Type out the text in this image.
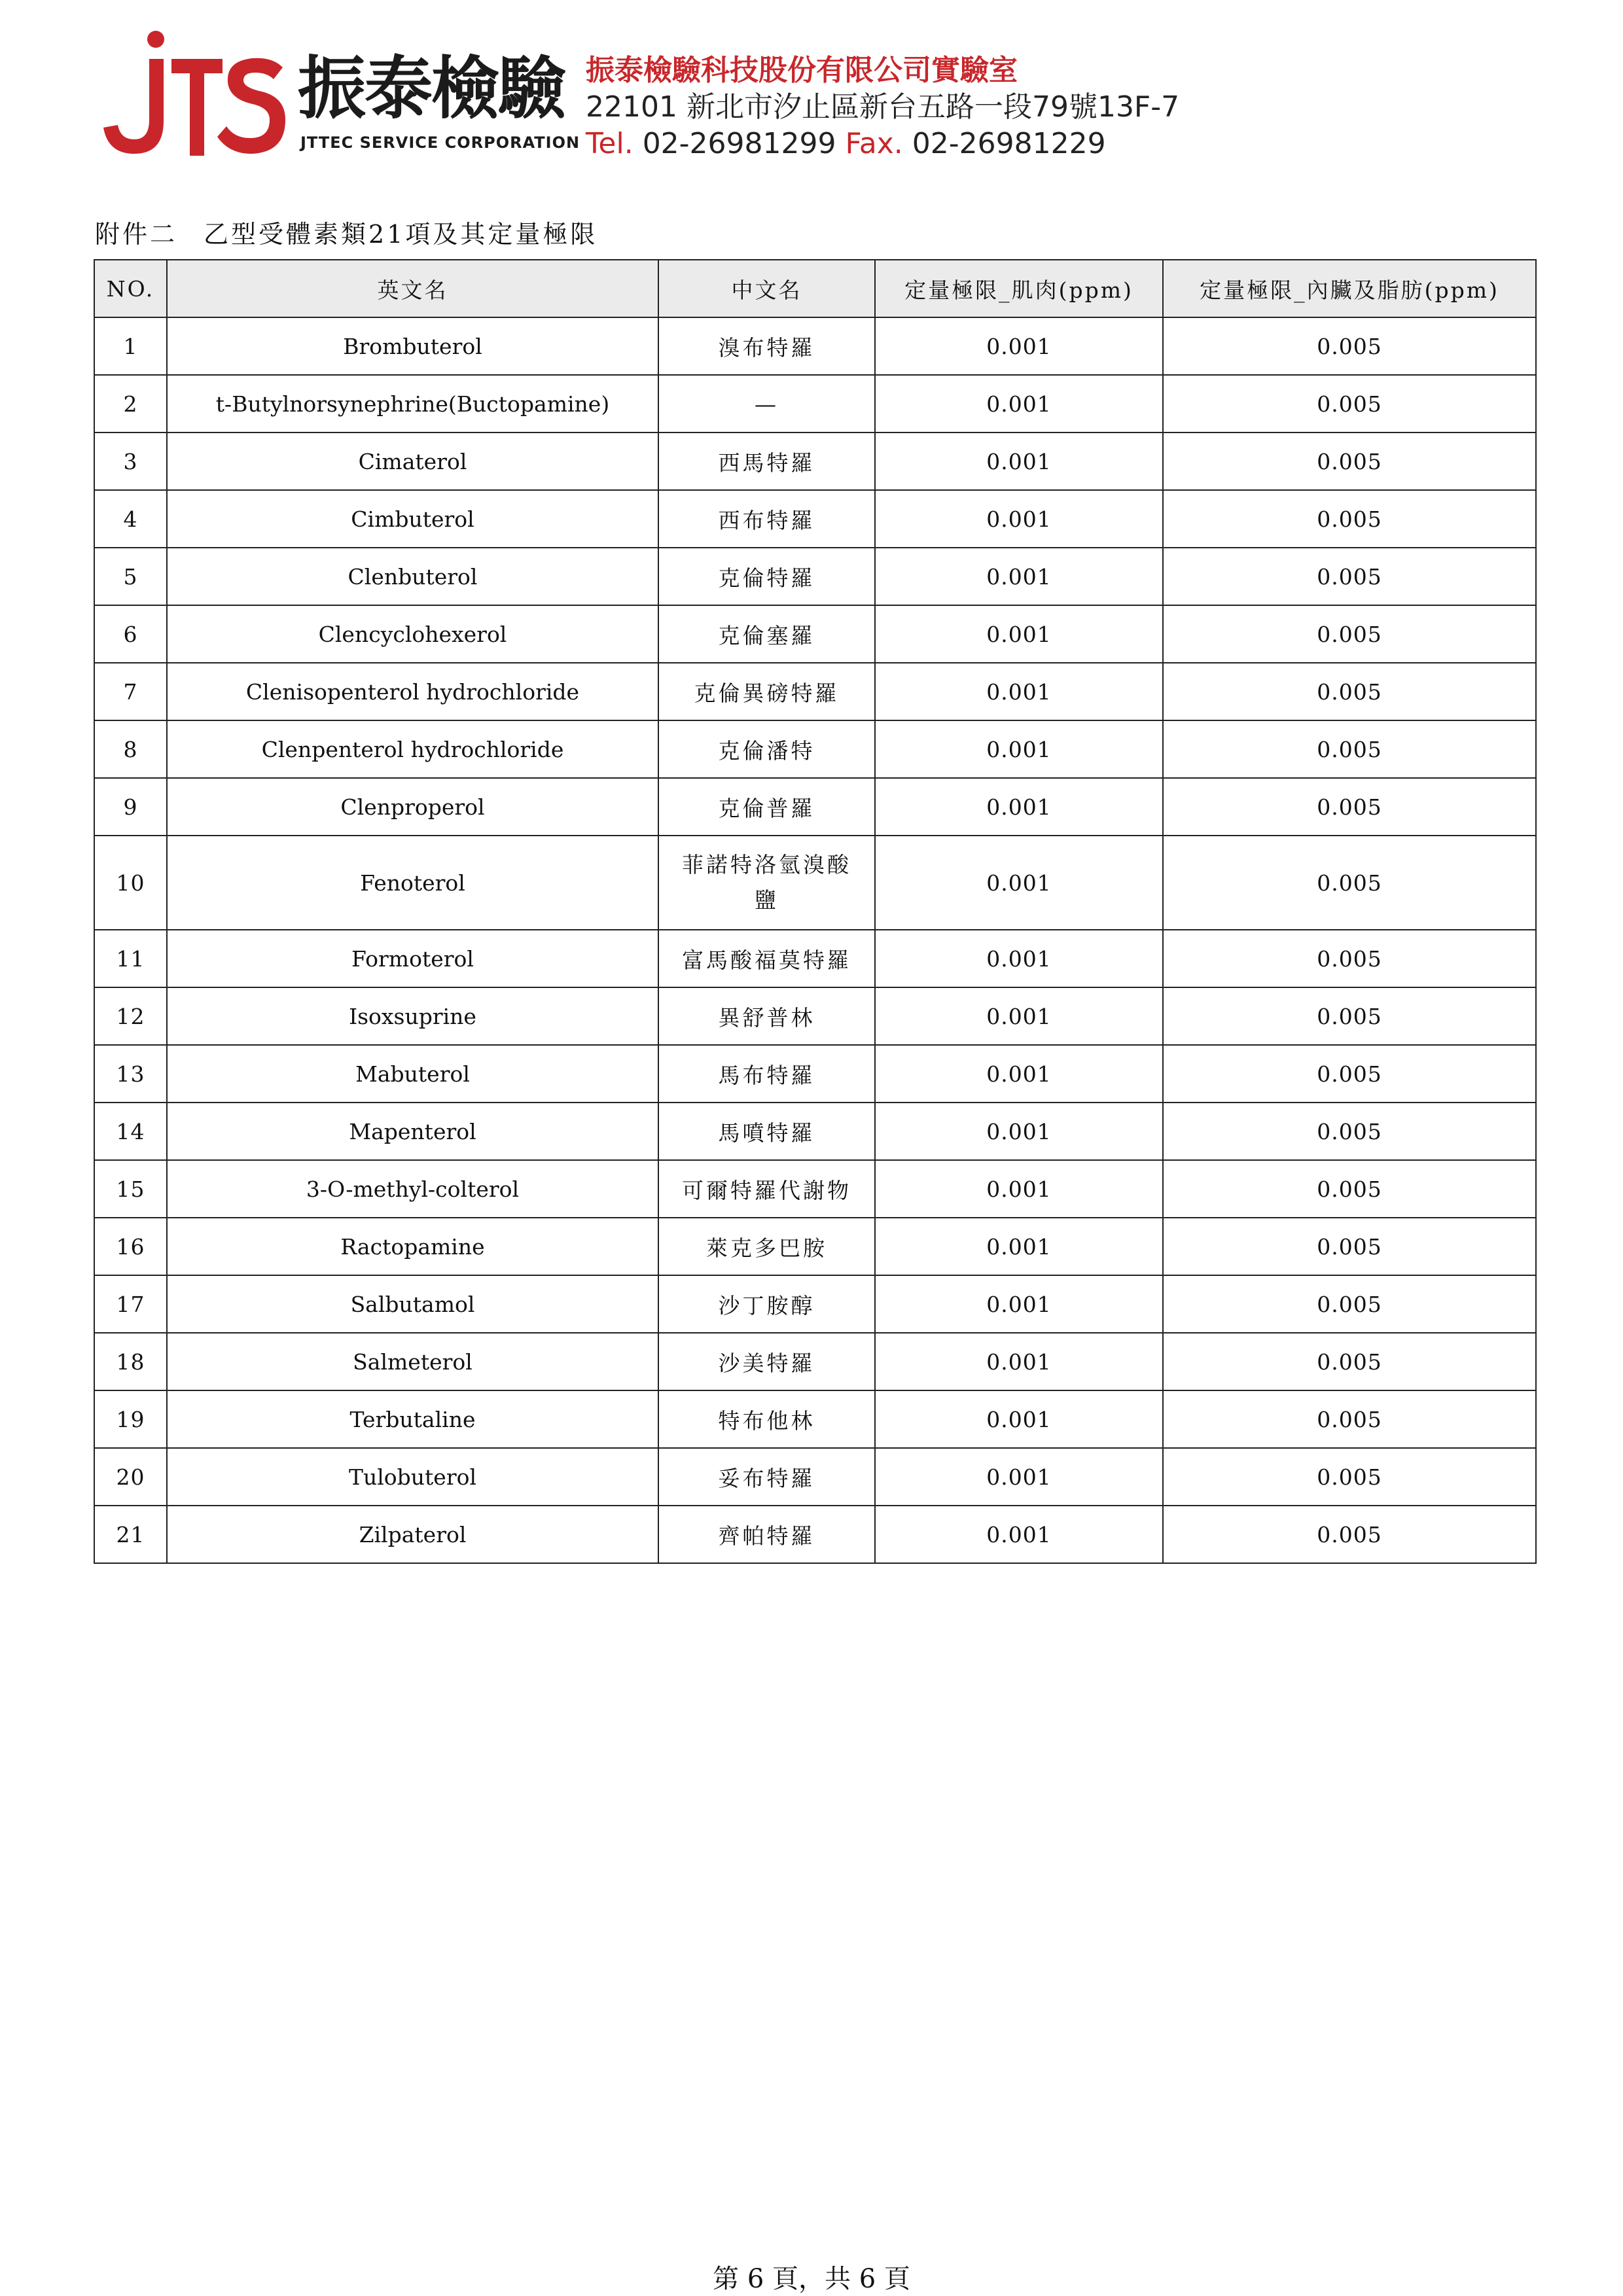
振泰檢驗
JTTEC SERVICE CORPORATION
振泰檢驗科技股份有限公司實驗室
22101 新北市汐止區新台五路一段79號13F-7
Tel. 02-26981299 Fax. 02-26981229
附件二 乙型受體素類21項及其定量極限
NO.	英文名	中文名	定量極限_肌肉(ppm)	定量極限_內臟及脂肪(ppm)
1	Brombuterol	溴布特羅	0.001	0.005
2	t-Butylnorsynephrine(Buctopamine)	—	0.001	0.005
3	Cimaterol	西馬特羅	0.001	0.005
4	Cimbuterol	西布特羅	0.001	0.005
5	Clenbuterol	克倫特羅	0.001	0.005
6	Clencyclohexerol	克倫塞羅	0.001	0.005
7	Clenisopenterol hydrochloride	克倫異磅特羅	0.001	0.005
8	Clenpenterol hydrochloride	克倫潘特	0.001	0.005
9	Clenproperol	克倫普羅	0.001	0.005
10	Fenoterol	菲諾特洛氫溴酸鹽	0.001	0.005
11	Formoterol	富馬酸福莫特羅	0.001	0.005
12	Isoxsuprine	異舒普林	0.001	0.005
13	Mabuterol	馬布特羅	0.001	0.005
14	Mapenterol	馬噴特羅	0.001	0.005
15	3-O-methyl-colterol	可爾特羅代謝物	0.001	0.005
16	Ractopamine	萊克多巴胺	0.001	0.005
17	Salbutamol	沙丁胺醇	0.001	0.005
18	Salmeterol	沙美特羅	0.001	0.005
19	Terbutaline	特布他林	0.001	0.005
20	Tulobuterol	妥布特羅	0.001	0.005
21	Zilpaterol	齊帕特羅	0.001	0.005
第 6 頁，共 6 頁
